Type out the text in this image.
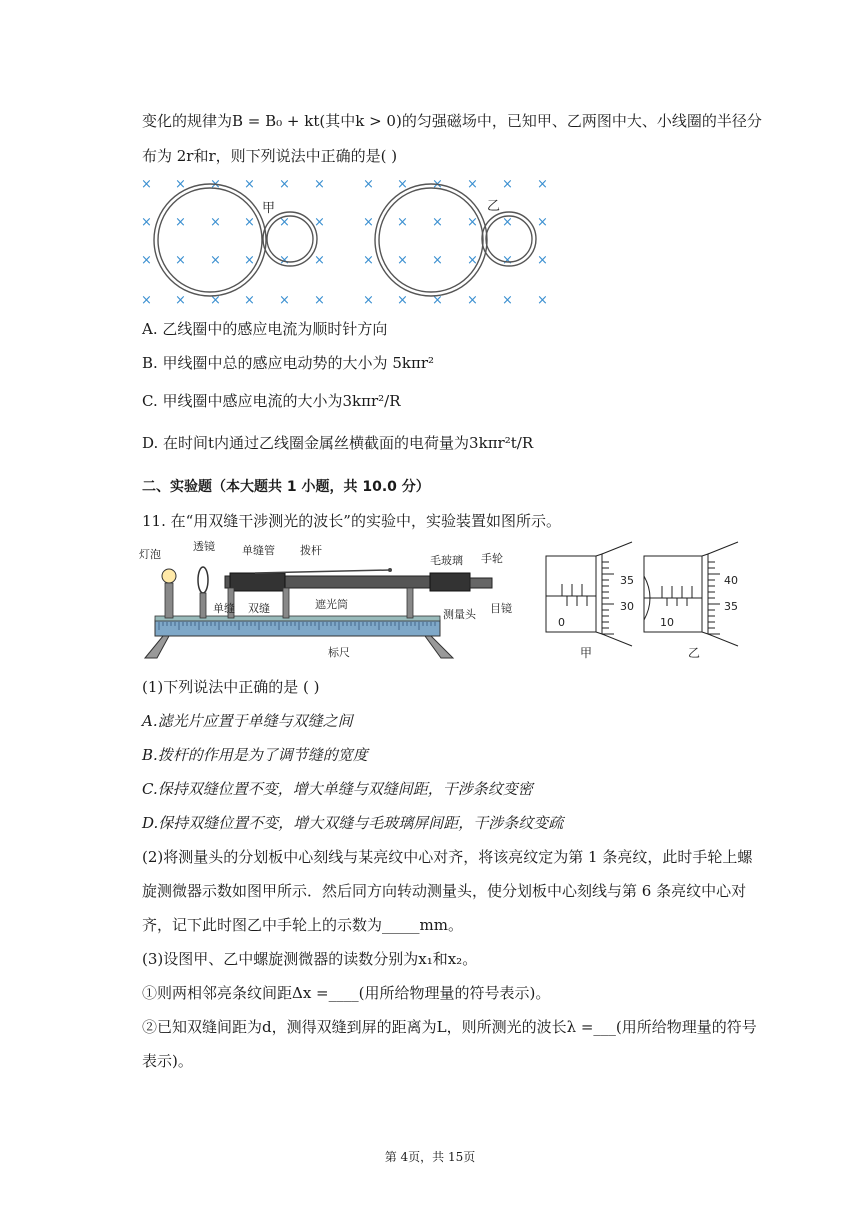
变化的规律为B = B₀ + kt(其中k > 0)的匀强磁场中，已知甲、乙两图中大、小线圈的半径分
布为 2r和r，则下列说法中正确的是( )
×
×
×
×
×
×
×
×
×
×
×
×
×
×
×
×
×
×
×
×
×
×
×
×
×
×
×
×
×
×
×
×
×
×
×
×
×
×
×
×
×
×
×
×
×
×
×
×
甲	乙
A. 乙线圈中的感应电流为顺时针方向
B. 甲线圈中总的感应电动势的大小为 5kπr²
C. 甲线圈中感应电流的大小为3kπr²/R
D. 在时间t内通过乙线圈金属丝横截面的电荷量为3kπr²t/R
二、实验题（本大题共 1 小题，共 10.0 分）
11. 在“用双缝干涉测光的波长”的实验中，实验装置如图所示。
灯泡
透镜 单缝管 拨杆
毛玻璃 手轮
单缝 双缝	遮光筒
测量头 目镜
标尺
0
35
30
甲
10
40
35
乙
(1)下列说法中正确的是 ( )
A.滤光片应置于单缝与双缝之间
B.拨杆的作用是为了调节缝的宽度
C.保持双缝位置不变，增大单缝与双缝间距，干涉条纹变密
D.保持双缝位置不变，增大双缝与毛玻璃屏间距，干涉条纹变疏
(2)将测量头的分划板中心刻线与某亮纹中心对齐，将该亮纹定为第 1 条亮纹，此时手轮上螺
旋测微器示数如图甲所示．然后同方向转动测量头，使分划板中心刻线与第 6 条亮纹中心对
齐，记下此时图乙中手轮上的示数为_____mm。
(3)设图甲、乙中螺旋测微器的读数分别为x₁和x₂。
①则两相邻亮条纹间距Δx =____(用所给物理量的符号表示)。
②已知双缝间距为d，测得双缝到屏的距离为L，则所测光的波长λ =___(用所给物理量的符号
表示)。
第 4页，共 15页
